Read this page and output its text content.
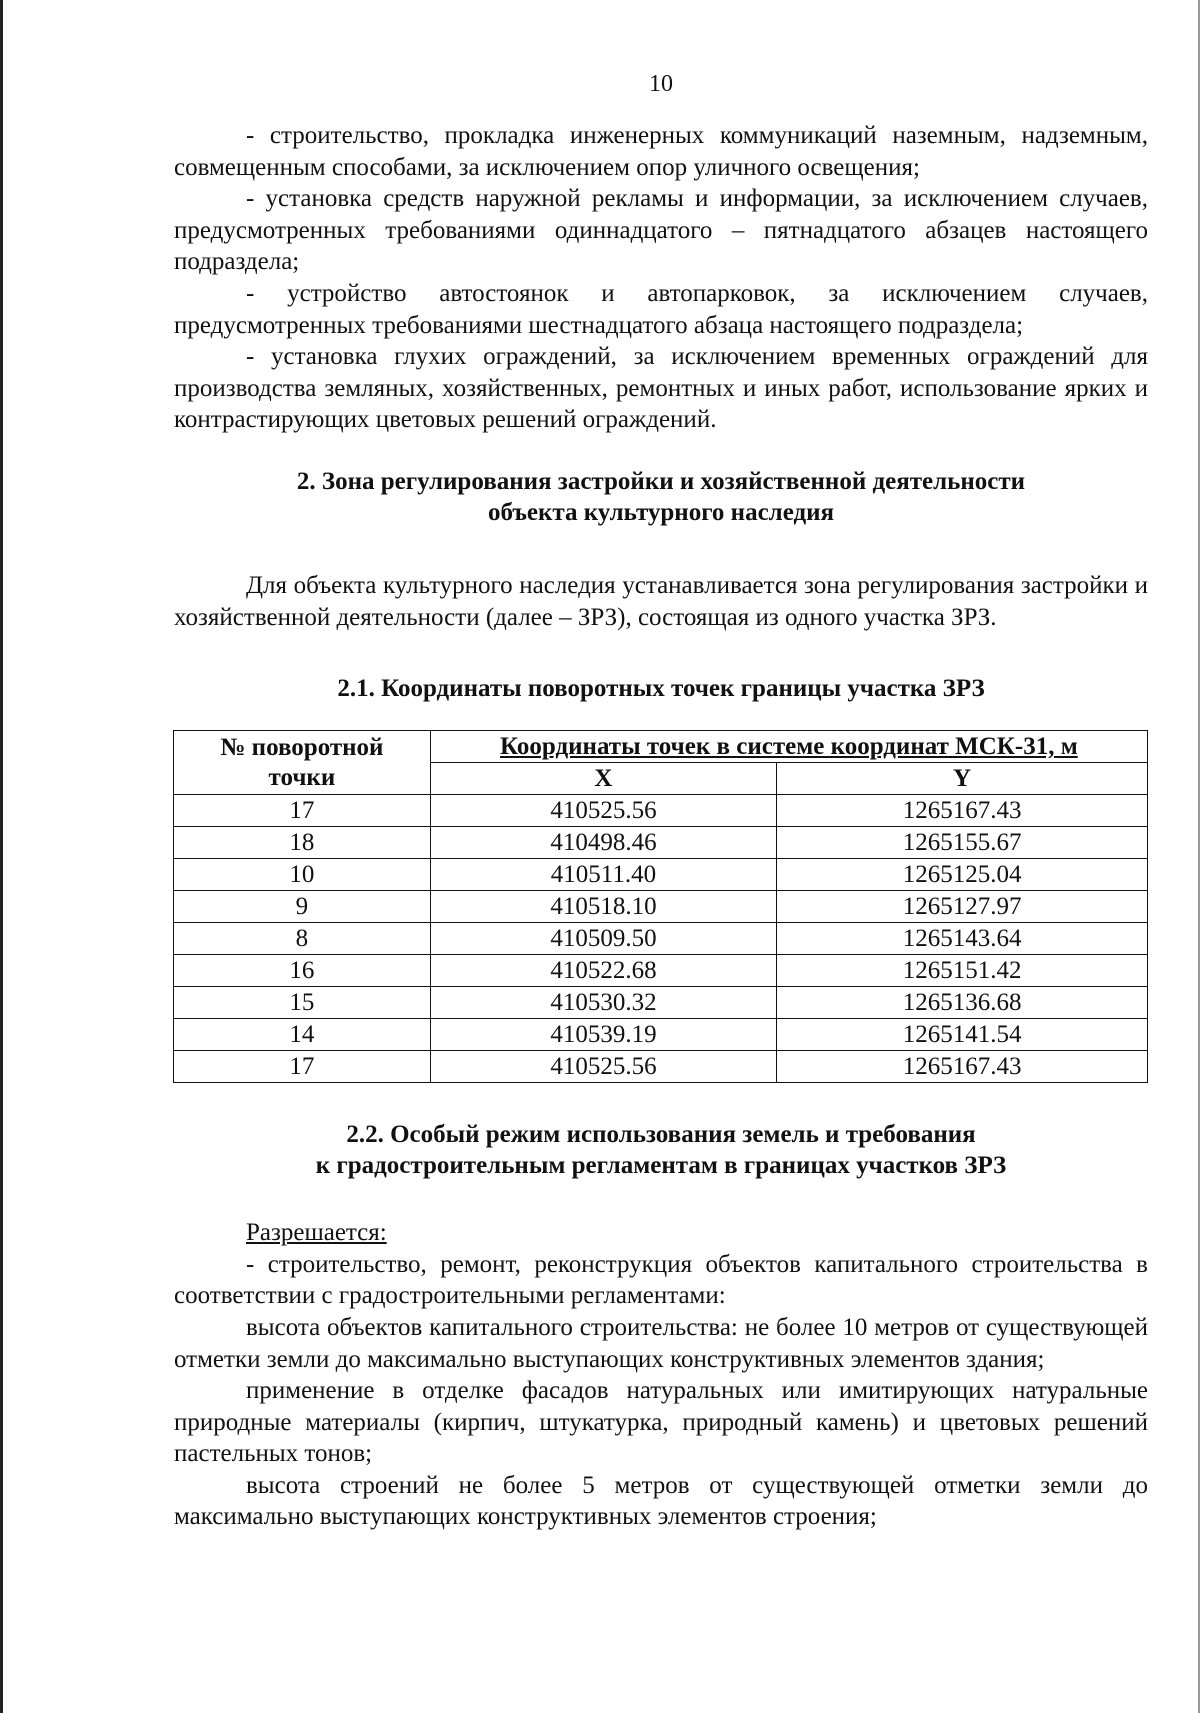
10

- строительство, прокладка инженерных коммуникаций наземным, надземным, совмещенным способами, за исключением опор уличного освещения;

- установка средств наружной рекламы и информации, за исключением случаев, предусмотренных требованиями одиннадцатого – пятнадцатого абзацев настоящего подраздела;

- устройство автостоянок и автопарковок, за исключением случаев, предусмотренных требованиями шестнадцатого абзаца настоящего подраздела;

- установка глухих ограждений, за исключением временных ограждений для производства земляных, хозяйственных, ремонтных и иных работ, использование ярких и контрастирующих цветовых решений ограждений.

2. Зона регулирования застройки и хозяйственной деятельности
объекта культурного наследия

Для объекта культурного наследия устанавливается зона регулирования застройки и хозяйственной деятельности (далее – ЗРЗ), состоящая из одного участка ЗРЗ.

2.1. Координаты поворотных точек границы участка ЗРЗ
№ поворотной точки	Координаты точек в системе координат МСК-31, м	
	X	Y
17	410525.56	1265167.43
18	410498.46	1265155.67
10	410511.40	1265125.04
9	410518.10	1265127.97
8	410509.50	1265143.64
16	410522.68	1265151.42
15	410530.32	1265136.68
14	410539.19	1265141.54
17	410525.56	1265167.43
2.2. Особый режим использования земель и требования
к градостроительным регламентам в границах участков ЗРЗ

Разрешается:

- строительство, ремонт, реконструкция объектов капитального строительства в соответствии с градостроительными регламентами:

высота объектов капитального строительства: не более 10 метров от существующей отметки земли до максимально выступающих конструктивных элементов здания;

применение в отделке фасадов натуральных или имитирующих натуральные природные материалы (кирпич, штукатурка, природный камень) и цветовых решений пастельных тонов;

высота строений не более 5 метров от существующей отметки земли до максимально выступающих конструктивных элементов строения;
